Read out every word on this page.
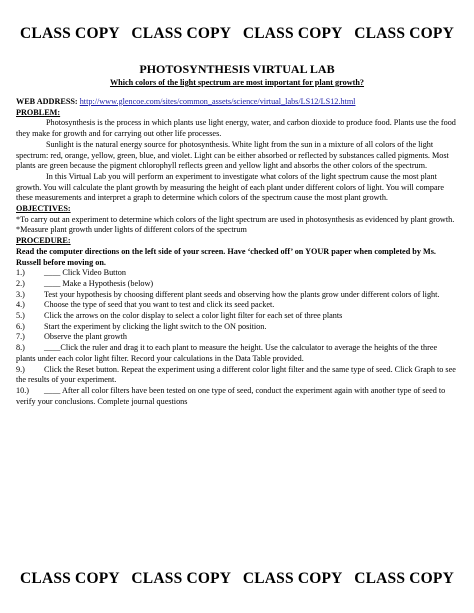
CLASS COPY   CLASS COPY   CLASS COPY   CLASS COPY
PHOTOSYNTHESIS VIRTUAL LAB
Which colors of the light spectrum are most important for plant growth?

WEB ADDRESS: http://www.glencoe.com/sites/common_assets/science/virtual_labs/LS12/LS12.html

PROBLEM:

Photosynthesis is the process in which plants use light energy, water, and carbon dioxide to produce food. Plants use the food they make for growth and for carrying out other life processes.

Sunlight is the natural energy source for photosynthesis. White light from the sun in a mixture of all colors of the light spectrum: red, orange, yellow, green, blue, and violet. Light can be either absorbed or reflected by substances called pigments. Most plants are green because the pigment chlorophyll reflects green and yellow light and absorbs the other colors of the spectrum.

In this Virtual Lab you will perform an experiment to investigate what colors of the light spectrum cause the most plant growth. You will calculate the plant growth by measuring the height of each plant under different colors of light. You will compare these measurements and interpret a graph to determine which colors of the spectrum cause the most plant growth.

OBJECTIVES:

*To carry out an experiment to determine which colors of the light spectrum are used in photosynthesis as evidenced by plant growth.

*Measure plant growth under lights of different colors of the spectrum

PROCEDURE:

Read the computer directions on the left side of your screen. Have ‘checked off’ on YOUR paper when completed by Ms. Russell before moving on.

1.) ____ Click Video Button

2.) ____ Make a Hypothesis (below)

3.) Test your hypothesis by choosing different plant seeds and observing how the plants grow under different colors of light.

4.) Choose the type of seed that you want to test and click its seed packet.

5.) Click the arrows on the color display to select a color light filter for each set of three plants

6.) Start the experiment by clicking the light switch to the ON position.

7.) Observe the plant growth

8.) ____Click the ruler and drag it to each plant to measure the height. Use the calculator to average the heights of the three plants under each color light filter. Record your calculations in the Data Table provided.

9.) Click the Reset button. Repeat the experiment using a different color light filter and the same type of seed. Click Graph to see the results of your experiment.

10.) ____ After all color filters have been tested on one type of seed, conduct the experiment again with another type of seed to verify your conclusions. Complete journal questions

CLASS COPY   CLASS COPY   CLASS COPY   CLASS COPY
